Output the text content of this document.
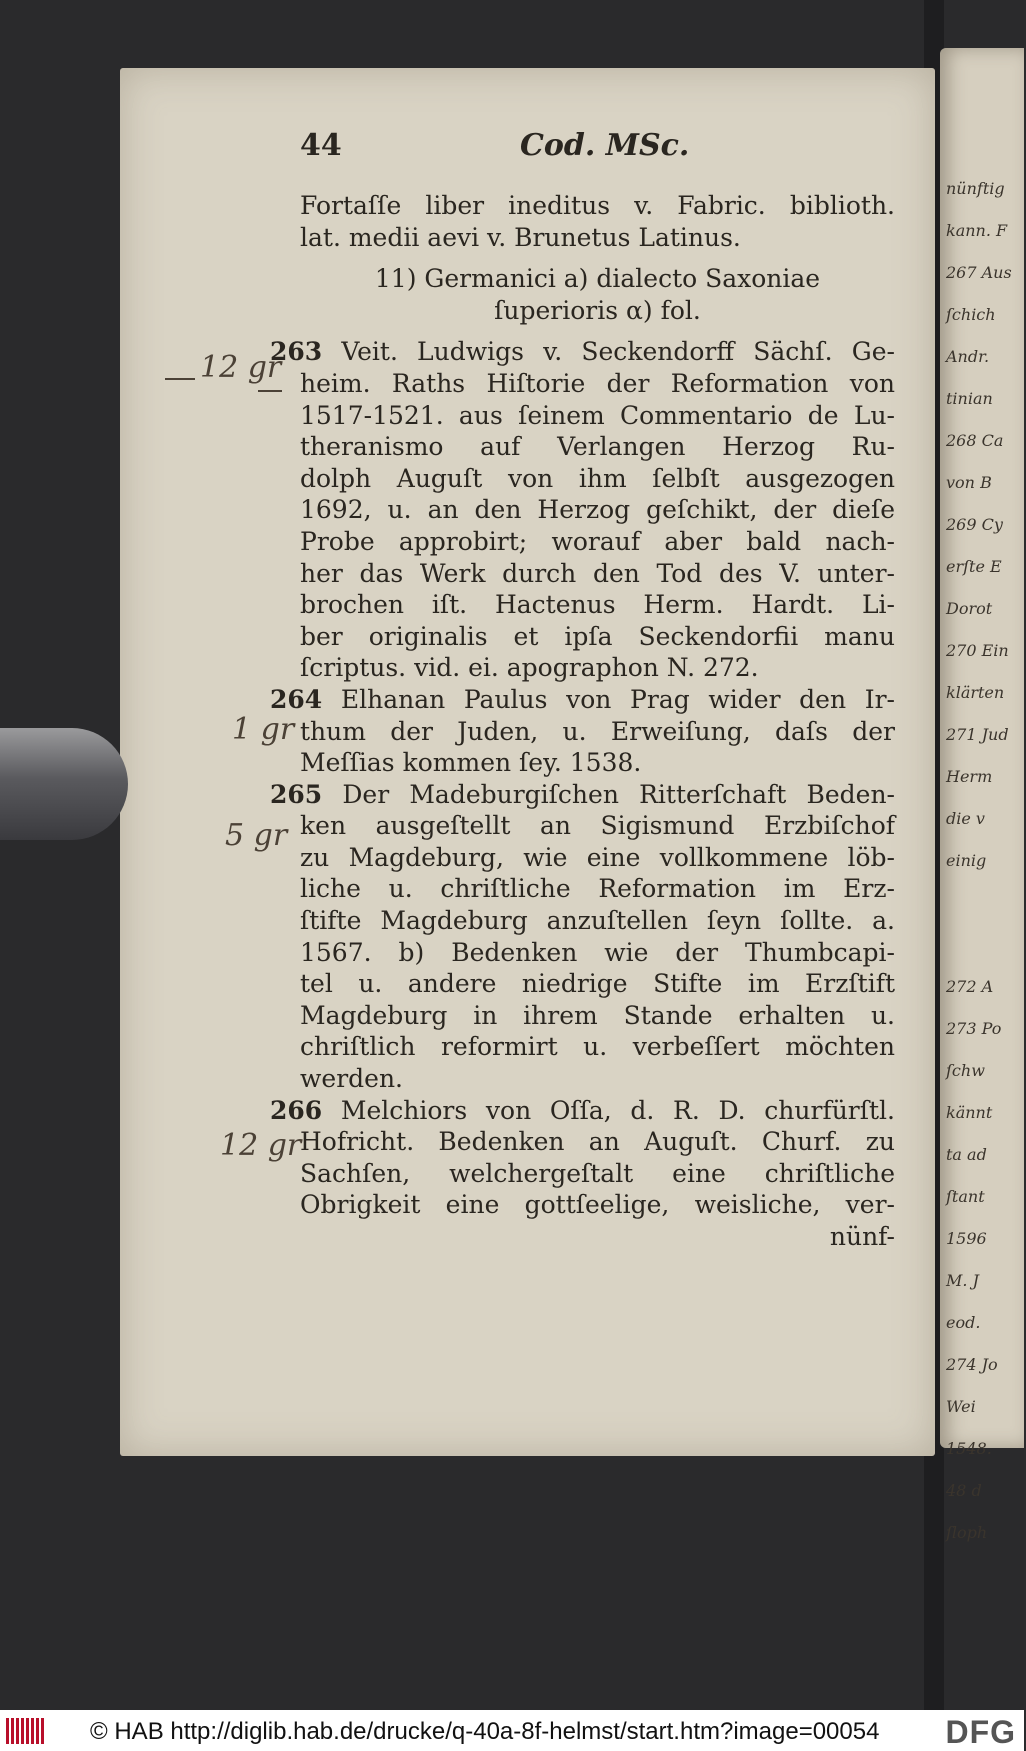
nünftig
kann. F
267 Aus
ſchich
Andr.
tinian
268 Ca
von B
269 Cy
erſte E
Dorot
270 Ein
klärten
271 Jud
Herm
die v
einig
272 A
273 Po
ſchw
kännt
ta ad
ſtant
1596
M. J
eod.
274 Jo
Wei
1548.
48 d
ſloph
44	Cod. MSc.
Fortaſſe liber ineditus v. Fabric. biblioth.
lat. medii aevi v. Brunetus Latinus.
11) Germanici a) dialecto Saxoniae
ſuperioris α) fol.
263 Veit. Ludwigs v. Seckendorff Sächſ. Ge-
heim. Raths Hiſtorie der Reformation von
1517-1521. aus ſeinem Commentario de Lu-
theranismo auf Verlangen Herzog Ru-
dolph Auguſt von ihm ſelbſt ausgezogen
1692, u. an den Herzog geſchikt, der dieſe
Probe approbirt; worauf aber bald nach-
her das Werk durch den Tod des V. unter-
brochen iſt. Hactenus Herm. Hardt. Li-
ber originalis et ipſa Seckendorfii manu
ſcriptus. vid. ei. apographon N. 272.
264 Elhanan Paulus von Prag wider den Ir-
thum der Juden, u. Erweiſung, daſs der
Meſſias kommen ſey. 1538.
265 Der Madeburgiſchen Ritterſchaft Beden-
ken ausgeſtellt an Sigismund Erzbiſchof
zu Magdeburg, wie eine vollkommene löb-
liche u. chriſtliche Reformation im Erz-
ſtifte Magdeburg anzuſtellen ſeyn ſollte. a.
1567. b) Bedenken wie der Thumbcapi-
tel u. andere niedrige Stifte im Erzſtift
Magdeburg in ihrem Stande erhalten u.
chriſtlich reformirt u. verbeſſert möchten
werden.
266 Melchiors von Oſſa, d. R. D. churfürſtl.
Hofricht. Bedenken an Auguſt. Churf. zu
Sachſen, welchergeſtalt eine chriſtliche
Obrigkeit eine gottſeelige, weisliche, ver-
nünf-
12 gr
1 gr
5 gr
12 gr
© HAB http://diglib.hab.de/drucke/q-40a-8f-helmst/start.htm?image=00054 DFG
